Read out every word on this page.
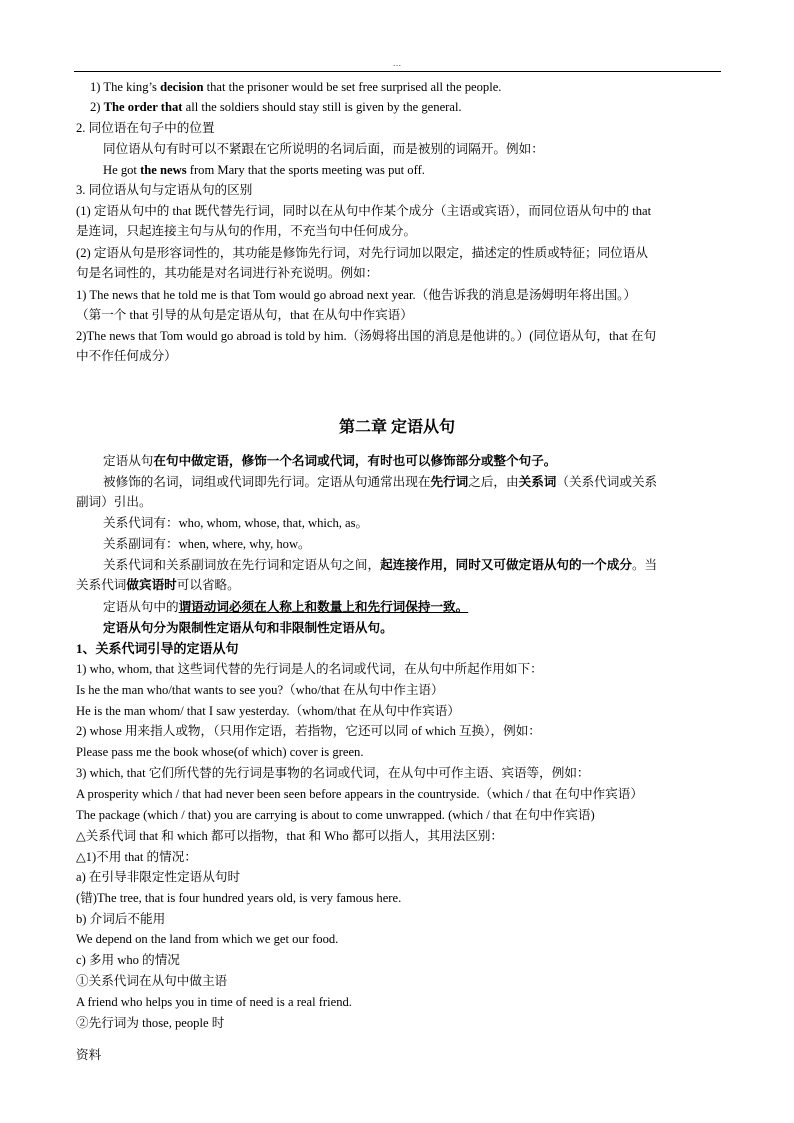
…
1) The king’s decision that the prisoner would be set free surprised all the people.
2) The order that all the soldiers should stay still is given by the general.
2. 同位语在句子中的位置
同位语从句有时可以不紧跟在它所说明的名词后面，而是被别的词隔开。例如：
He got the news from Mary that the sports meeting was put off.
3. 同位语从句与定语从句的区别
(1) 定语从句中的 that 既代替先行词，同时以在从句中作某个成分（主语或宾语），而同位语从句中的 that
是连词，只起连接主句与从句的作用，不充当句中任何成分。
(2) 定语从句是形容词性的，其功能是修饰先行词，对先行词加以限定，描述定的性质或特征；同位语从
句是名词性的，其功能是对名词进行补充说明。例如：
1) The news that he told me is that Tom would go abroad next year.（他告诉我的消息是汤姆明年将出国。）
（第一个 that 引导的从句是定语从句，that 在从句中作宾语）
2)The news that Tom would go abroad is told by him.（汤姆将出国的消息是他讲的。）(同位语从句，that 在句
中不作任何成分）
第二章 定语从句
定语从句在句中做定语，修饰一个名词或代词，有时也可以修饰部分或整个句子。
被修饰的名词，词组或代词即先行词。定语从句通常出现在先行词之后，由关系词（关系代词或关系
副词）引出。
关系代词有：who, whom, whose, that, which, as。
关系副词有：when, where, why, how。
关系代词和关系副词放在先行词和定语从句之间，起连接作用，同时又可做定语从句的一个成分。当
关系代词做宾语时可以省略。
定语从句中的谓语动词必须在人称上和数量上和先行词保持一致。
定语从句分为限制性定语从句和非限制性定语从句。
1、关系代词引导的定语从句
1) who, whom, that 这些词代替的先行词是人的名词或代词，在从句中所起作用如下：
Is he the man who/that wants to see you?（who/that 在从句中作主语）
He is the man whom/ that I saw yesterday.（whom/that 在从句中作宾语）
2) whose 用来指人或物，（只用作定语，若指物，它还可以同 of which 互换），例如：
Please pass me the book whose(of which) cover is green.
3) which, that 它们所代替的先行词是事物的名词或代词，在从句中可作主语、宾语等，例如：
A prosperity which / that had never been seen before appears in the countryside.（which / that 在句中作宾语）
The package (which / that) you are carrying is about to come unwrapped. (which / that 在句中作宾语)
△关系代词 that 和 which 都可以指物，that 和 Who 都可以指人，其用法区别：
△1)不用 that 的情况：
a) 在引导非限定性定语从句时
(错)The tree, that is four hundred years old, is very famous here.
b) 介词后不能用
We depend on the land from which we get our food.
c) 多用 who 的情况
①关系代词在从句中做主语
A friend who helps you in time of need is a real friend.
②先行词为 those, people 时
资料
